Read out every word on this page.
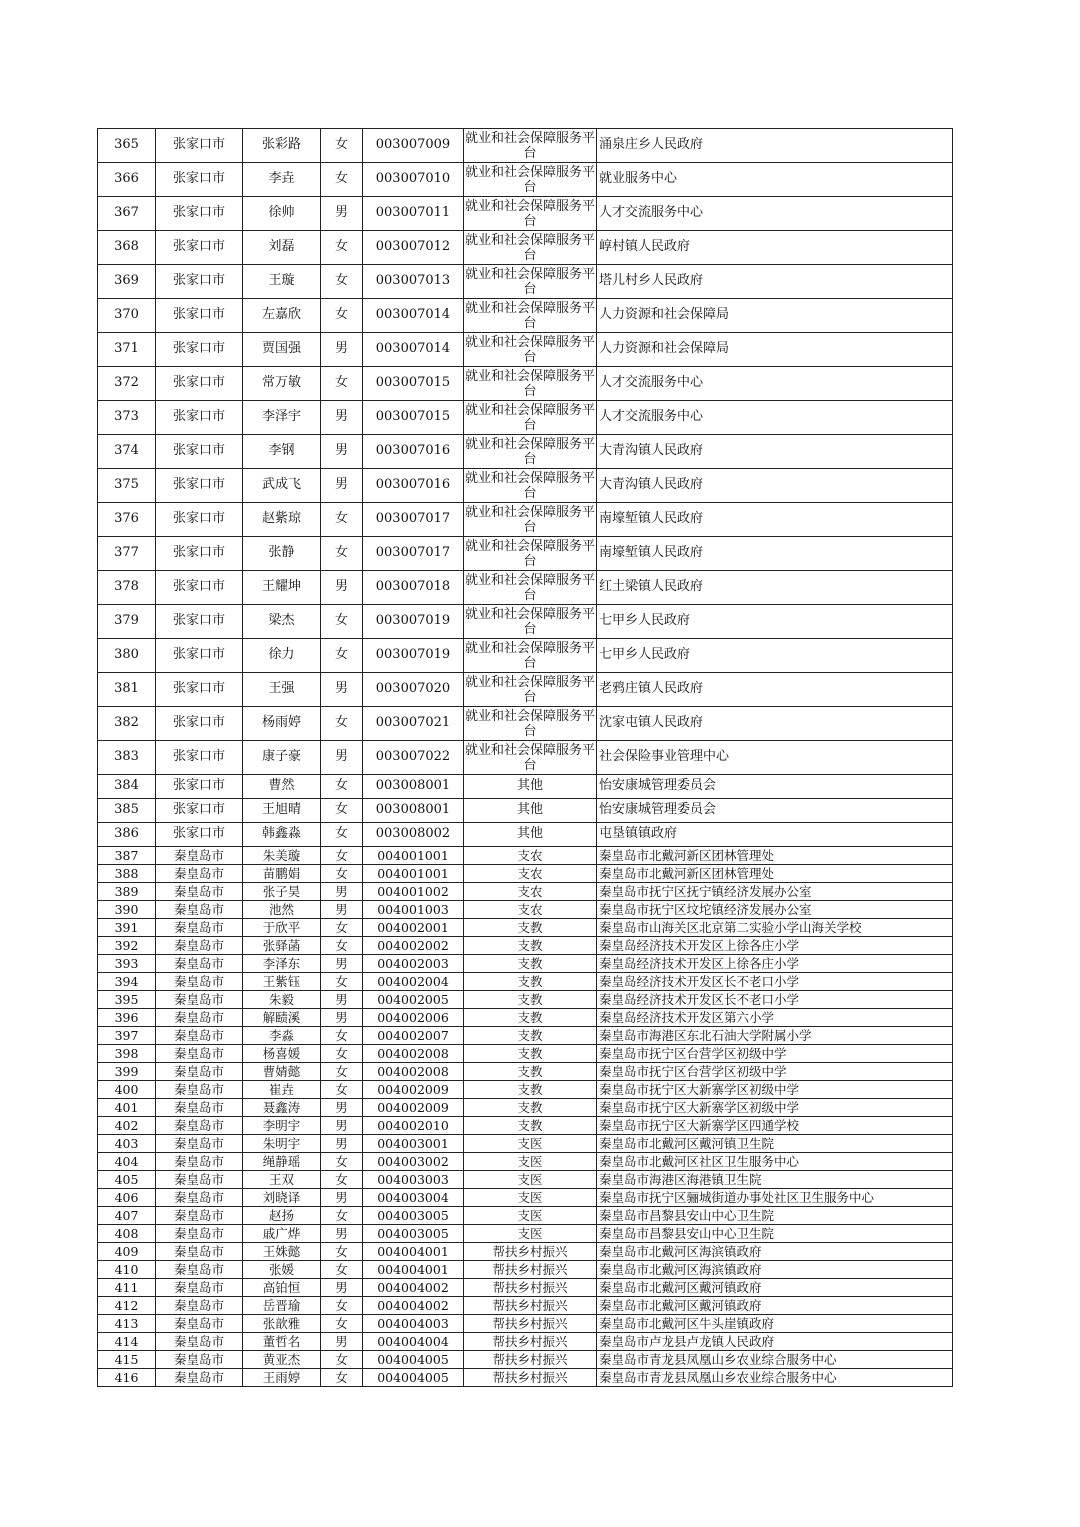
365	张家口市	张彩路	女	003007009	就业和社会保障服务平台	涌泉庄乡人民政府
366	张家口市	李垚	女	003007010	就业和社会保障服务平台	就业服务中心
367	张家口市	徐帅	男	003007011	就业和社会保障服务平台	人才交流服务中心
368	张家口市	刘磊	女	003007012	就业和社会保障服务平台	崞村镇人民政府
369	张家口市	王璇	女	003007013	就业和社会保障服务平台	塔儿村乡人民政府
370	张家口市	左嘉欣	女	003007014	就业和社会保障服务平台	人力资源和社会保障局
371	张家口市	贾国强	男	003007014	就业和社会保障服务平台	人力资源和社会保障局
372	张家口市	常万敏	女	003007015	就业和社会保障服务平台	人才交流服务中心
373	张家口市	李泽宇	男	003007015	就业和社会保障服务平台	人才交流服务中心
374	张家口市	李钢	男	003007016	就业和社会保障服务平台	大青沟镇人民政府
375	张家口市	武成飞	男	003007016	就业和社会保障服务平台	大青沟镇人民政府
376	张家口市	赵紫琼	女	003007017	就业和社会保障服务平台	南壕堑镇人民政府
377	张家口市	张静	女	003007017	就业和社会保障服务平台	南壕堑镇人民政府
378	张家口市	王耀坤	男	003007018	就业和社会保障服务平台	红土梁镇人民政府
379	张家口市	梁杰	女	003007019	就业和社会保障服务平台	七甲乡人民政府
380	张家口市	徐力	女	003007019	就业和社会保障服务平台	七甲乡人民政府
381	张家口市	王强	男	003007020	就业和社会保障服务平台	老鸦庄镇人民政府
382	张家口市	杨雨婷	女	003007021	就业和社会保障服务平台	沈家屯镇人民政府
383	张家口市	康子豪	男	003007022	就业和社会保障服务平台	社会保险事业管理中心
384	张家口市	曹然	女	003008001	其他	怡安康城管理委员会
385	张家口市	王旭晴	女	003008001	其他	怡安康城管理委员会
386	张家口市	韩鑫淼	女	003008002	其他	屯垦镇镇政府
387	秦皇岛市	朱美璇	女	004001001	支农	秦皇岛市北戴河新区团林管理处
388	秦皇岛市	苗鹏娟	女	004001001	支农	秦皇岛市北戴河新区团林管理处
389	秦皇岛市	张子昊	男	004001002	支农	秦皇岛市抚宁区抚宁镇经济发展办公室
390	秦皇岛市	池然	男	004001003	支农	秦皇岛市抚宁区坟坨镇经济发展办公室
391	秦皇岛市	于欣平	女	004002001	支教	秦皇岛市山海关区北京第二实验小学山海关学校
392	秦皇岛市	张驿菡	女	004002002	支教	秦皇岛经济技术开发区上徐各庄小学
393	秦皇岛市	李泽东	男	004002003	支教	秦皇岛经济技术开发区上徐各庄小学
394	秦皇岛市	王紫钰	女	004002004	支教	秦皇岛经济技术开发区长不老口小学
395	秦皇岛市	朱毅	男	004002005	支教	秦皇岛经济技术开发区长不老口小学
396	秦皇岛市	解赜溪	男	004002006	支教	秦皇岛经济技术开发区第六小学
397	秦皇岛市	李淼	女	004002007	支教	秦皇岛市海港区东北石油大学附属小学
398	秦皇岛市	杨喜媛	女	004002008	支教	秦皇岛市抚宁区台营学区初级中学
399	秦皇岛市	曹婧懿	女	004002008	支教	秦皇岛市抚宁区台营学区初级中学
400	秦皇岛市	崔垚	女	004002009	支教	秦皇岛市抚宁区大新寨学区初级中学
401	秦皇岛市	聂鑫涛	男	004002009	支教	秦皇岛市抚宁区大新寨学区初级中学
402	秦皇岛市	李明宇	男	004002010	支教	秦皇岛市抚宁区大新寨学区四通学校
403	秦皇岛市	朱明宇	男	004003001	支医	秦皇岛市北戴河区戴河镇卫生院
404	秦皇岛市	绳静瑶	女	004003002	支医	秦皇岛市北戴河区社区卫生服务中心
405	秦皇岛市	王双	女	004003003	支医	秦皇岛市海港区海港镇卫生院
406	秦皇岛市	刘晓译	男	004003004	支医	秦皇岛市抚宁区骊城街道办事处社区卫生服务中心
407	秦皇岛市	赵扬	女	004003005	支医	秦皇岛市昌黎县安山中心卫生院
408	秦皇岛市	戚广烨	男	004003005	支医	秦皇岛市昌黎县安山中心卫生院
409	秦皇岛市	王姝懿	女	004004001	帮扶乡村振兴	秦皇岛市北戴河区海滨镇政府
410	秦皇岛市	张媛	女	004004001	帮扶乡村振兴	秦皇岛市北戴河区海滨镇政府
411	秦皇岛市	高铂恒	男	004004002	帮扶乡村振兴	秦皇岛市北戴河区戴河镇政府
412	秦皇岛市	岳晋瑜	女	004004002	帮扶乡村振兴	秦皇岛市北戴河区戴河镇政府
413	秦皇岛市	张歆雅	女	004004003	帮扶乡村振兴	秦皇岛市北戴河区牛头崖镇政府
414	秦皇岛市	董哲名	男	004004004	帮扶乡村振兴	秦皇岛市卢龙县卢龙镇人民政府
415	秦皇岛市	黄亚杰	女	004004005	帮扶乡村振兴	秦皇岛市青龙县凤凰山乡农业综合服务中心
416	秦皇岛市	王雨婷	女	004004005	帮扶乡村振兴	秦皇岛市青龙县凤凰山乡农业综合服务中心
